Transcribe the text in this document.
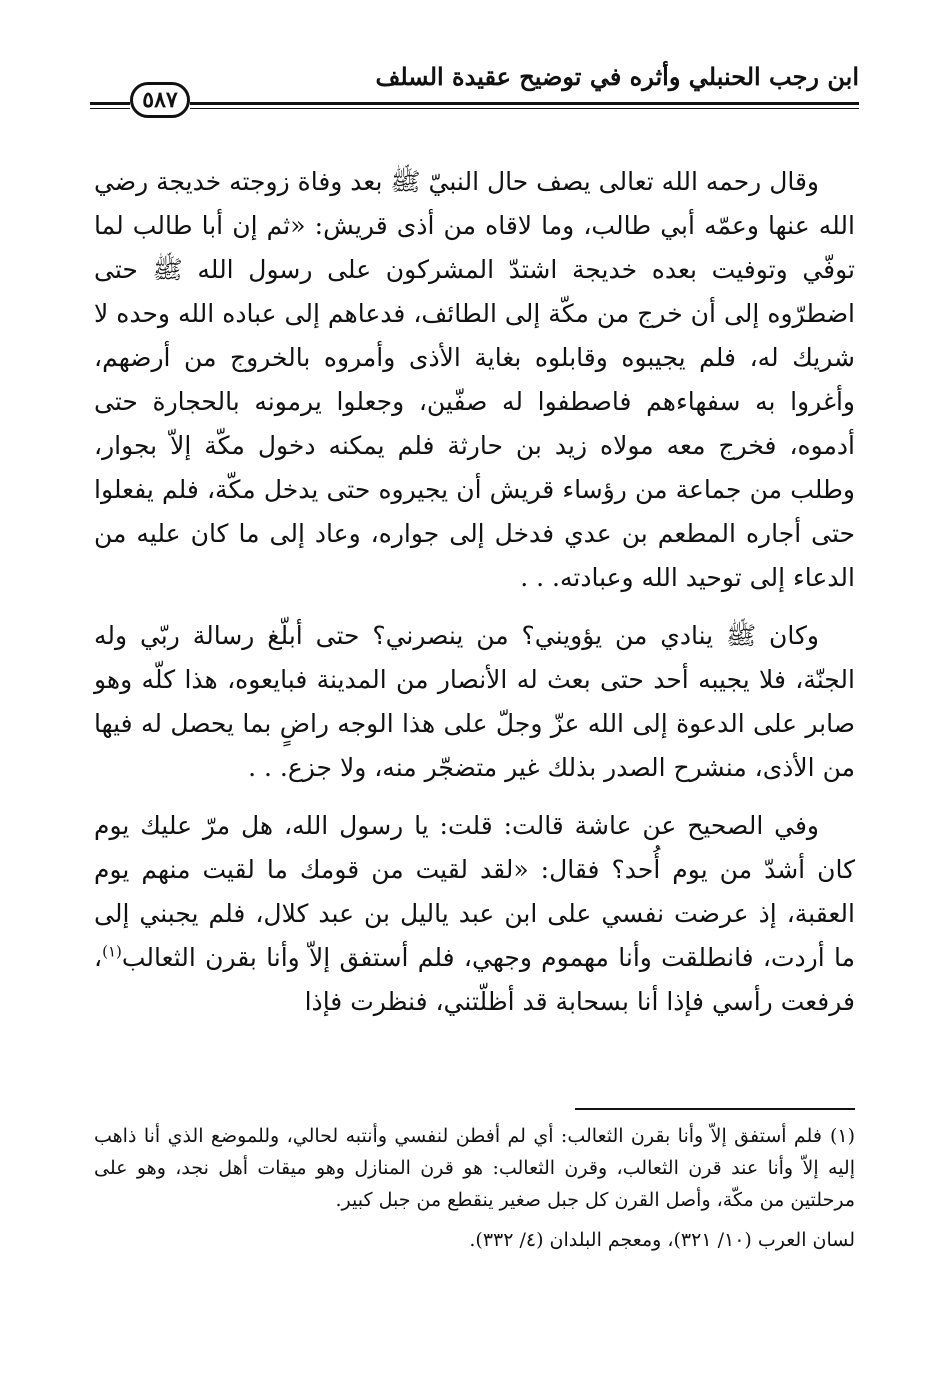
ابن رجب الحنبلي وأثره في توضيح عقيدة السلف
٥٨٧

وقال رحمه الله تعالى يصف حال النبيّ ﷺ بعد وفاة زوجته خديجة رضي الله عنها وعمّه أبي طالب، وما لاقاه من أذى قريش: «ثم إن أبا طالب لما توفّي وتوفيت بعده خديجة اشتدّ المشركون على رسول الله ﷺ حتى اضطرّوه إلى أن خرج من مكّة إلى الطائف، فدعاهم إلى عباده الله وحده لا شريك له، فلم يجيبوه وقابلوه بغاية الأذى وأمروه بالخروج من أرضهم، وأغروا به سفهاءهم فاصطفوا له صفّين، وجعلوا يرمونه بالحجارة حتى أدموه، فخرج معه مولاه زيد بن حارثة فلم يمكنه دخول مكّة إلاّ بجوار، وطلب من جماعة من رؤساء قريش أن يجيروه حتى يدخل مكّة، فلم يفعلوا حتى أجاره المطعم بن عدي فدخل إلى جواره، وعاد إلى ما كان عليه من الدعاء إلى توحيد الله وعبادته. . .

وكان ﷺ ينادي من يؤويني؟ من ينصرني؟ حتى أبلّغ رسالة ربّي وله الجنّة، فلا يجيبه أحد حتى بعث له الأنصار من المدينة فبايعوه، هذا كلّه وهو صابر على الدعوة إلى الله عزّ وجلّ على هذا الوجه راضٍ بما يحصل له فيها من الأذى، منشرح الصدر بذلك غير متضجّر منه، ولا جزع. . .

وفي الصحيح عن عاشة قالت: قلت: يا رسول الله، هل مرّ عليك يوم كان أشدّ من يوم أُحد؟ فقال: «لقد لقيت من قومك ما لقيت منهم يوم العقبة، إذ عرضت نفسي على ابن عبد ياليل بن عبد كلال، فلم يجبني إلى ما أردت، فانطلقت وأنا مهموم وجهي، فلم أستفق إلاّ وأنا بقرن الثعالب$^{(١)}$، فرفعت رأسي فإذا أنا بسحابة قد أظلّتني، فنظرت فإذا

(١)فلم أستفق إلاّ وأنا بقرن الثعالب: أي لم أفطن لنفسي وأنتبه لحالي، وللموضع الذي أنا ذاهب إليه إلاّ وأنا عند قرن الثعالب، وقرن الثعالب: هو قرن المنازل وهو ميقات أهل نجد، وهو على مرحلتين من مكّة، وأصل القرن كل جبل صغير ينقطع من جبل كبير.

لسان العرب (١٠/ ٣٢١)، ومعجم البلدان (٤/ ٣٣٢).
